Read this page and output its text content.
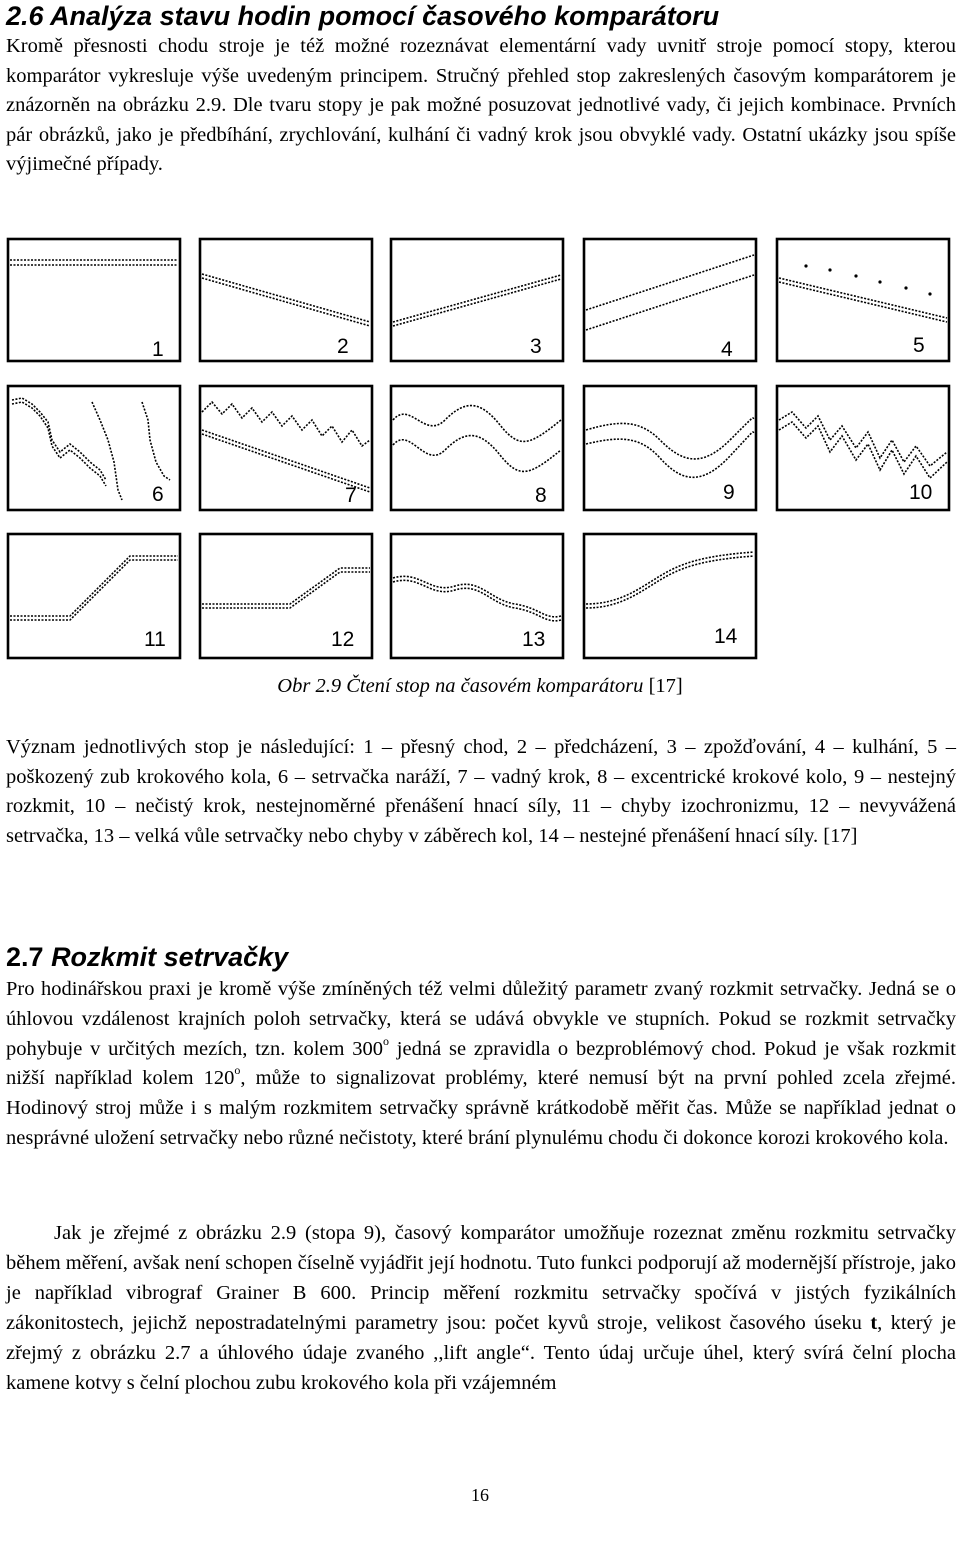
2.6 Analýza stavu hodin pomocí časového komparátoru

Kromě přesnosti chodu stroje je též možné rozeznávat elementární vady uvnitř stroje pomocí stopy, kterou komparátor vykresluje výše uvedeným principem. Stručný přehled stop zakreslených časovým komparátorem je znázorněn na obrázku 2.9. Dle tvaru stopy je pak možné posuzovat jednotlivé vady, či jejich kombinace. Prvních pár obrázků, jako je předbíhání, zrychlování, kulhání či vadný krok jsou obvyklé vady. Ostatní ukázky jsou spíše výjimečné případy.

1	2	3	4	5
6	7	8	9	10
11	12	13	14
Obr 2.9 Čtení stop na časovém komparátoru [17]

Význam jednotlivých stop je následující: 1 – přesný chod, 2 – předcházení, 3 – zpožďování, 4 – kulhání, 5 – poškozený zub krokového kola, 6 – setrvačka naráží, 7 – vadný krok, 8 – excentrické krokové kolo, 9 – nestejný rozkmit, 10 – nečistý krok, nestejnoměrné přenášení hnací síly, 11 – chyby izochronizmu, 12 – nevyvážená setrvačka, 13 – velká vůle setrvačky nebo chyby v záběrech kol, 14 – nestejné přenášení hnací síly. [17]

2.7 Rozkmit setrvačky

Pro hodinářskou praxi je kromě výše zmíněných též velmi důležitý parametr zvaný rozkmit setrvačky. Jedná se o úhlovou vzdálenost krajních poloh setrvačky, která se udává obvykle ve stupních. Pokud se rozkmit setrvačky pohybuje v určitých mezích, tzn. kolem 300$^o$ jedná se zpravidla o bezproblémový chod. Pokud je však rozkmit nižší například kolem 120$^o$, může to signalizovat problémy, které nemusí být na první pohled zcela zřejmé. Hodinový stroj může i s malým rozkmitem setrvačky správně krátkodobě měřit čas. Může se například jednat o nesprávné uložení setrvačky nebo různé nečistoty, které brání plynulému chodu či dokonce korozi krokového kola.

Jak je zřejmé z obrázku 2.9 (stopa 9), časový komparátor umožňuje rozeznat změnu rozkmitu setrvačky během měření, avšak není schopen číselně vyjádřit její hodnotu. Tuto funkci podporují až modernější přístroje, jako je například vibrograf Grainer B 600. Princip měření rozkmitu setrvačky spočívá v jistých fyzikálních zákonitostech, jejichž nepostradatelnými parametry jsou: počet kyvů stroje, velikost časového úseku t, který je zřejmý z obrázku 2.7 a úhlového údaje zvaného ,,lift angle“. Tento údaj určuje úhel, který svírá čelní plocha kamene kotvy s čelní plochou zubu krokového kola při vzájemném

16
